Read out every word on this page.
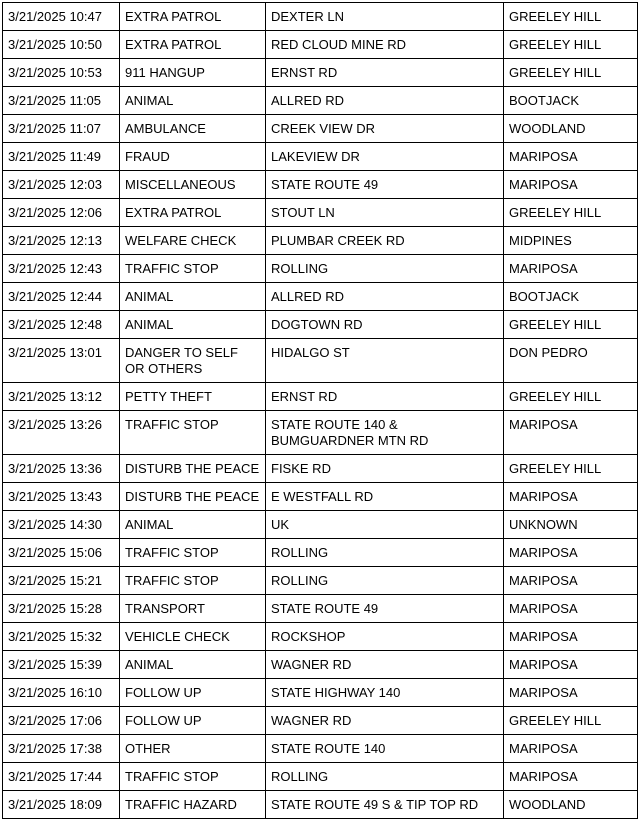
3/21/2025 10:47	EXTRA PATROL	DEXTER LN	GREELEY HILL
3/21/2025 10:50	EXTRA PATROL	RED CLOUD MINE RD	GREELEY HILL
3/21/2025 10:53	911 HANGUP	ERNST RD	GREELEY HILL
3/21/2025 11:05	ANIMAL	ALLRED RD	BOOTJACK
3/21/2025 11:07	AMBULANCE	CREEK VIEW DR	WOODLAND
3/21/2025 11:49	FRAUD	LAKEVIEW DR	MARIPOSA
3/21/2025 12:03	MISCELLANEOUS	STATE ROUTE 49	MARIPOSA
3/21/2025 12:06	EXTRA PATROL	STOUT LN	GREELEY HILL
3/21/2025 12:13	WELFARE CHECK	PLUMBAR CREEK RD	MIDPINES
3/21/2025 12:43	TRAFFIC STOP	ROLLING	MARIPOSA
3/21/2025 12:44	ANIMAL	ALLRED RD	BOOTJACK
3/21/2025 12:48	ANIMAL	DOGTOWN RD	GREELEY HILL
3/21/2025 13:01	DANGER TO SELF OR OTHERS	HIDALGO ST	DON PEDRO
3/21/2025 13:12	PETTY THEFT	ERNST RD	GREELEY HILL
3/21/2025 13:26	TRAFFIC STOP	STATE ROUTE 140 & BUMGUARDNER MTN RD	MARIPOSA
3/21/2025 13:36	DISTURB THE PEACE	FISKE RD	GREELEY HILL
3/21/2025 13:43	DISTURB THE PEACE	E WESTFALL RD	MARIPOSA
3/21/2025 14:30	ANIMAL	UK	UNKNOWN
3/21/2025 15:06	TRAFFIC STOP	ROLLING	MARIPOSA
3/21/2025 15:21	TRAFFIC STOP	ROLLING	MARIPOSA
3/21/2025 15:28	TRANSPORT	STATE ROUTE 49	MARIPOSA
3/21/2025 15:32	VEHICLE CHECK	ROCKSHOP	MARIPOSA
3/21/2025 15:39	ANIMAL	WAGNER RD	MARIPOSA
3/21/2025 16:10	FOLLOW UP	STATE HIGHWAY 140	MARIPOSA
3/21/2025 17:06	FOLLOW UP	WAGNER RD	GREELEY HILL
3/21/2025 17:38	OTHER	STATE ROUTE 140	MARIPOSA
3/21/2025 17:44	TRAFFIC STOP	ROLLING	MARIPOSA
3/21/2025 18:09	TRAFFIC HAZARD	STATE ROUTE 49 S & TIP TOP RD	WOODLAND
